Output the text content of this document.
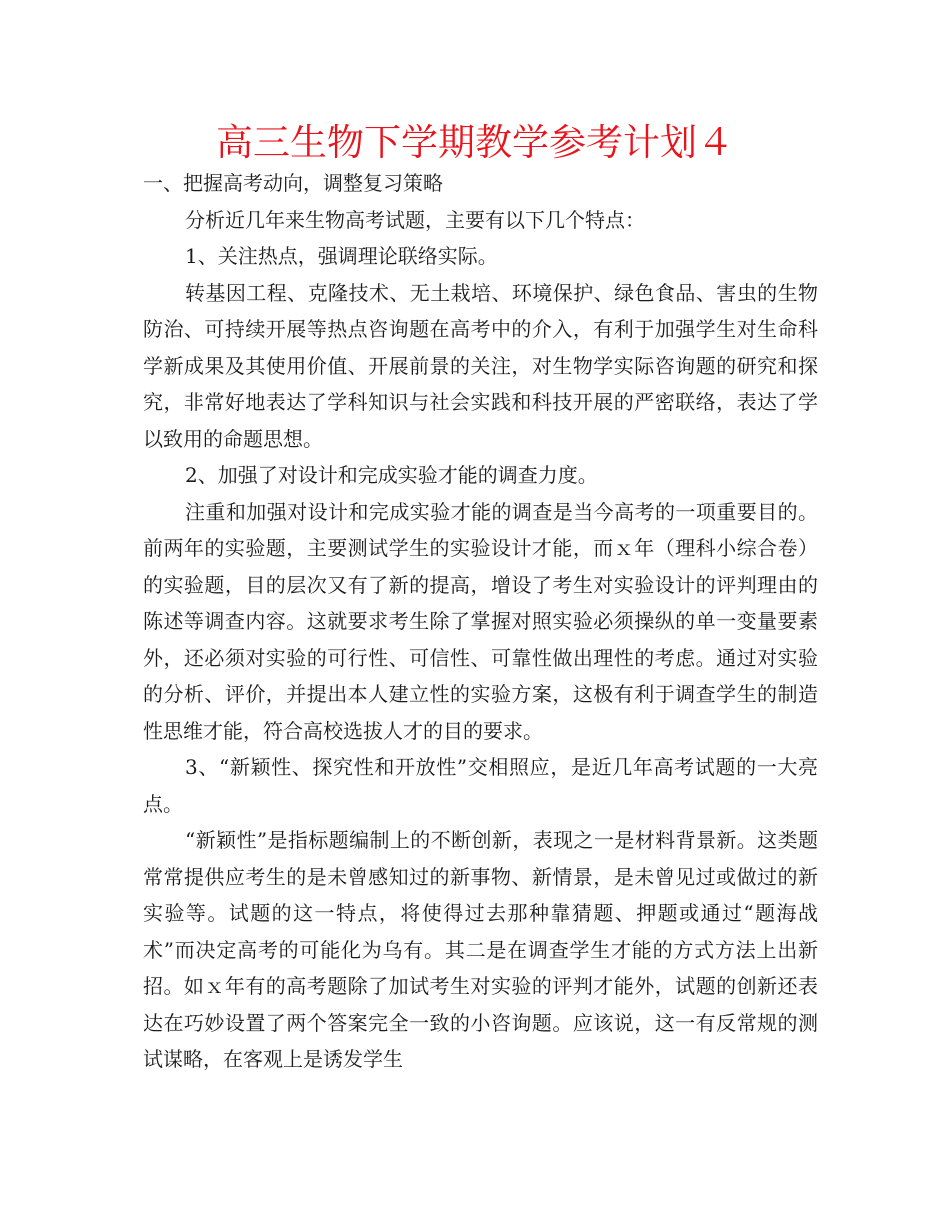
高三生物下学期教学参考计划４

一、把握高考动向，调整复习策略

分析近几年来生物高考试题，主要有以下几个特点：

1、关注热点，强调理论联络实际。

转基因工程、克隆技术、无土栽培、环境保护、绿色食品、害虫的生物防治、可持续开展等热点咨询题在高考中的介入，有利于加强学生对生命科学新成果及其使用价值、开展前景的关注，对生物学实际咨询题的研究和探究，非常好地表达了学科知识与社会实践和科技开展的严密联络，表达了学以致用的命题思想。

2、加强了对设计和完成实验才能的调查力度。

注重和加强对设计和完成实验才能的调查是当今高考的一项重要目的。前两年的实验题，主要测试学生的实验设计才能，而ｘ年（理科小综合卷）的实验题，目的层次又有了新的提高，增设了考生对实验设计的评判理由的陈述等调查内容。这就要求考生除了掌握对照实验必须操纵的单一变量要素外，还必须对实验的可行性、可信性、可靠性做出理性的考虑。通过对实验的分析、评价，并提出本人建立性的实验方案，这极有利于调查学生的制造性思维才能，符合高校选拔人才的目的要求。

3、“新颖性、探究性和开放性”交相照应，是近几年高考试题的一大亮点。

“新颖性”是指标题编制上的不断创新，表现之一是材料背景新。这类题常常提供应考生的是未曾感知过的新事物、新情景，是未曾见过或做过的新实验等。试题的这一特点，将使得过去那种靠猜题、押题或通过“题海战术”而决定高考的可能化为乌有。其二是在调查学生才能的方式方法上出新招。如ｘ年有的高考题除了加试考生对实验的评判才能外，试题的创新还表达在巧妙设置了两个答案完全一致的小咨询题。应该说，这一有反常规的测试谋略，在客观上是诱发学生
